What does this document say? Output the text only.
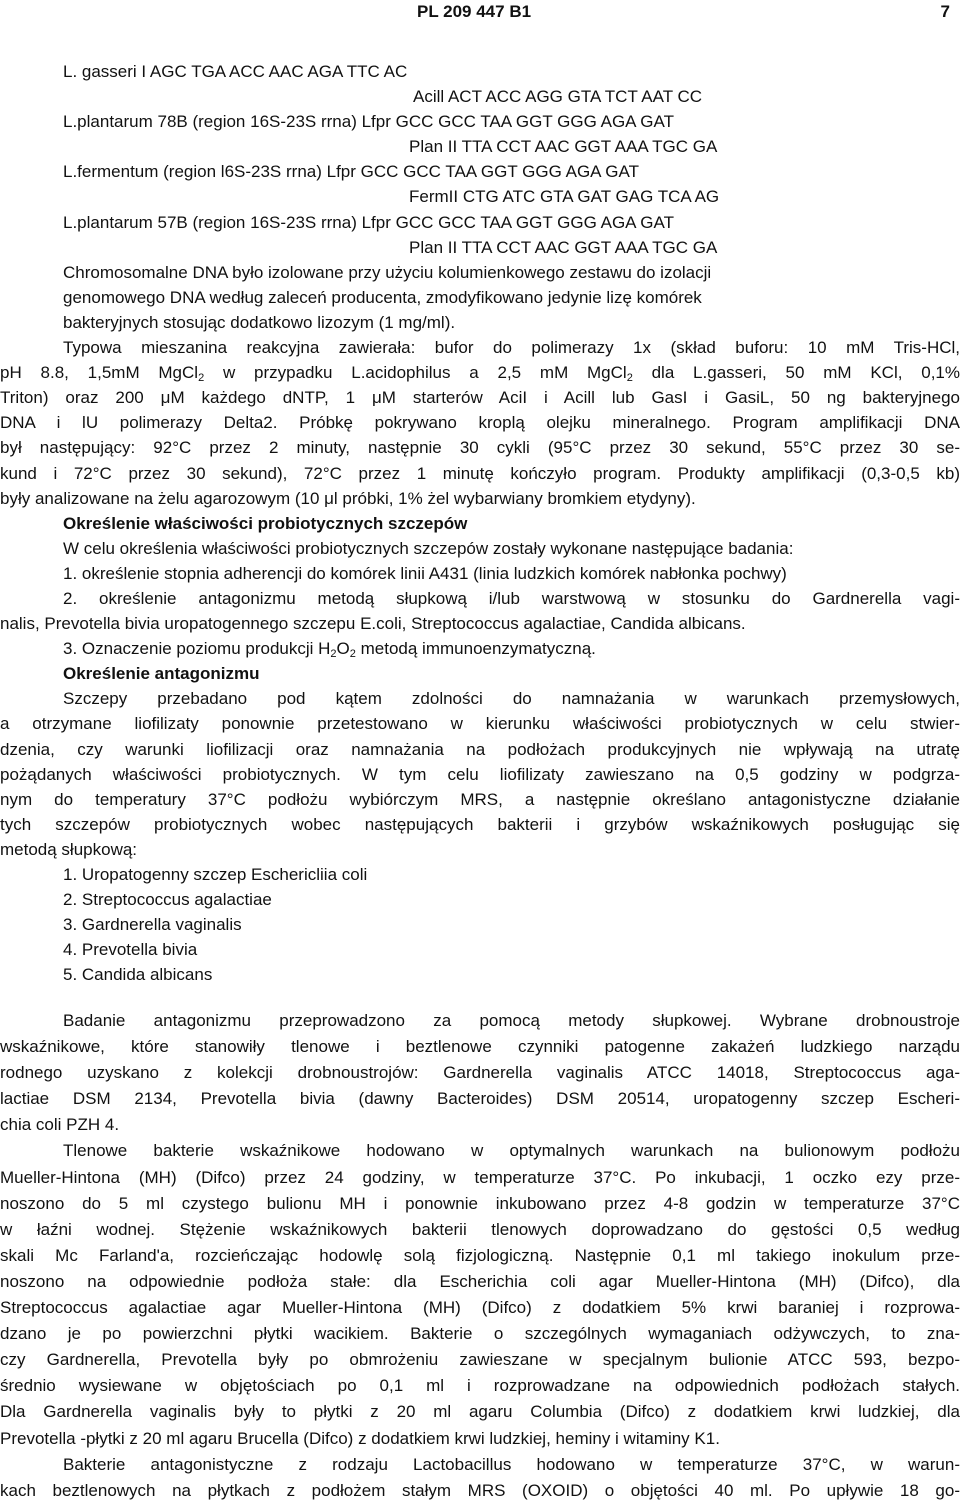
PL 209 447 B1	7
L. gasseri I AGC TGA ACC AAC AGA TTC AC
Acill ACT ACC AGG GTA TCT AAT CC
L.plantarum 78B (region 16S-23S rrna) Lfpr GCC GCC TAA GGT GGG AGA GAT
Plan II TTA CCT AAC GGT AAA TGC GA
L.fermentum (region l6S-23S rrna) Lfpr GCC GCC TAA GGT GGG AGA GAT
FermII CTG ATC GTA GAT GAG TCA AG
L.plantarum 57B (region 16S-23S rrna) Lfpr GCC GCC TAA GGT GGG AGA GAT
Plan II TTA CCT AAC GGT AAA TGC GA
Chromosomalne DNA było izolowane przy użyciu kolumienkowego zestawu do izolacji
genomowego DNA według zaleceń producenta, zmodyfikowano jedynie lizę komórek
bakteryjnych stosując dodatkowo lizozym (1 mg/ml).
Typowa mieszanina reakcyjna zawierała: bufor do polimerazy 1x (skład buforu: 10 mM Tris-HCl,
pH 8.8, 1,5mM MgCl$_2$ w przypadku L.acidophilus a 2,5 mM MgCl$_2$ dla L.gasseri, 50 mM KCl, 0,1%
Triton) oraz 200 μM każdego dNTP, 1 μM starterów AciI i Acill lub GasI i GasiL, 50 ng bakteryjnego
DNA i lU polimerazy Delta2. Próbkę pokrywano kroplą olejku mineralnego. Program amplifikacji DNA
był następujący: 92°C przez 2 minuty, następnie 30 cykli (95°C przez 30 sekund, 55°C przez 30 se-
kund i 72°C przez 30 sekund), 72°C przez 1 minutę kończyło program. Produkty amplifikacji (0,3-0,5 kb)
były analizowane na żelu agarozowym (10 μl próbki, 1% żel wybarwiany bromkiem etydyny).
Określenie właściwości probiotycznych szczepów
W celu określenia właściwości probiotycznych szczepów zostały wykonane następujące badania:
1. określenie stopnia adherencji do komórek linii A431 (linia ludzkich komórek nabłonka pochwy)
2. określenie antagonizmu metodą słupkową i/lub warstwową w stosunku do Gardnerella vagi-
nalis, Prevotella bivia uropatogennego szczepu E.coli, Streptococcus agalactiae, Candida albicans.
3. Oznaczenie poziomu produkcji $H_2O_2$ metodą immunoenzymatyczną.
Określenie antagonizmu
Szczepy przebadano pod kątem zdolności do namnażania w warunkach przemysłowych,
a otrzymane liofilizaty ponownie przetestowano w kierunku właściwości probiotycznych w celu stwier-
dzenia, czy warunki liofilizacji oraz namnażania na podłożach produkcyjnych nie wpływają na utratę
pożądanych właściwości probiotycznych. W tym celu liofilizaty zawieszano na 0,5 godziny w podgrza-
nym do temperatury 37°C podłożu wybiórczym MRS, a następnie określano antagonistyczne działanie
tych szczepów probiotycznych wobec następujących bakterii i grzybów wskaźnikowych posługując się
metodą słupkową:
1. Uropatogenny szczep Eschericliia coli
2. Streptococcus agalactiae
3. Gardnerella vaginalis
4. Prevotella bivia
5. Candida albicans
Badanie antagonizmu przeprowadzono za pomocą metody słupkowej. Wybrane drobnoustroje
wskaźnikowe, które stanowiły tlenowe i beztlenowe czynniki patogenne zakażeń ludzkiego narządu
rodnego uzyskano z kolekcji drobnoustrojów: Gardnerella vaginalis ATCC 14018, Streptococcus aga-
lactiae DSM 2134, Prevotella bivia (dawny Bacteroides) DSM 20514, uropatogenny szczep Escheri-
chia coli PZH 4.
Tlenowe bakterie wskaźnikowe hodowano w optymalnych warunkach na bulionowym podłożu
Mueller-Hintona (MH) (Difco) przez 24 godziny, w temperaturze 37°C. Po inkubacji, 1 oczko ezy prze-
noszono do 5 ml czystego bulionu MH i ponownie inkubowano przez 4-8 godzin w temperaturze 37°C
w łaźni wodnej. Stężenie wskaźnikowych bakterii tlenowych doprowadzano do gęstości 0,5 według
skali Mc Farland'a, rozcieńczając hodowlę solą fizjologiczną. Następnie 0,1 ml takiego inokulum prze-
noszono na odpowiednie podłoża stałe: dla Escherichia coli agar Mueller-Hintona (MH) (Difco), dla
Streptococcus agalactiae agar Mueller-Hintona (MH) (Difco) z dodatkiem 5% krwi baraniej i rozprowa-
dzano je po powierzchni płytki wacikiem. Bakterie o szczególnych wymaganiach odżywczych, to zna-
czy Gardnerella, Prevotella były po obmrożeniu zawieszane w specjalnym bulionie ATCC 593, bezpo-
średnio wysiewane w objętościach po 0,1 ml i rozprowadzane na odpowiednich podłożach stałych.
Dla Gardnerella vaginalis były to płytki z 20 ml agaru Columbia (Difco) z dodatkiem krwi ludzkiej, dla
Prevotella -płytki z 20 ml agaru Brucella (Difco) z dodatkiem krwi ludzkiej, heminy i witaminy K1.
Bakterie antagonistyczne z rodzaju Lactobacillus hodowano w temperaturze 37°C, w warun-
kach beztlenowych na płytkach z podłożem stałym MRS (OXOID) o objętości 40 ml. Po upływie 18 go-
